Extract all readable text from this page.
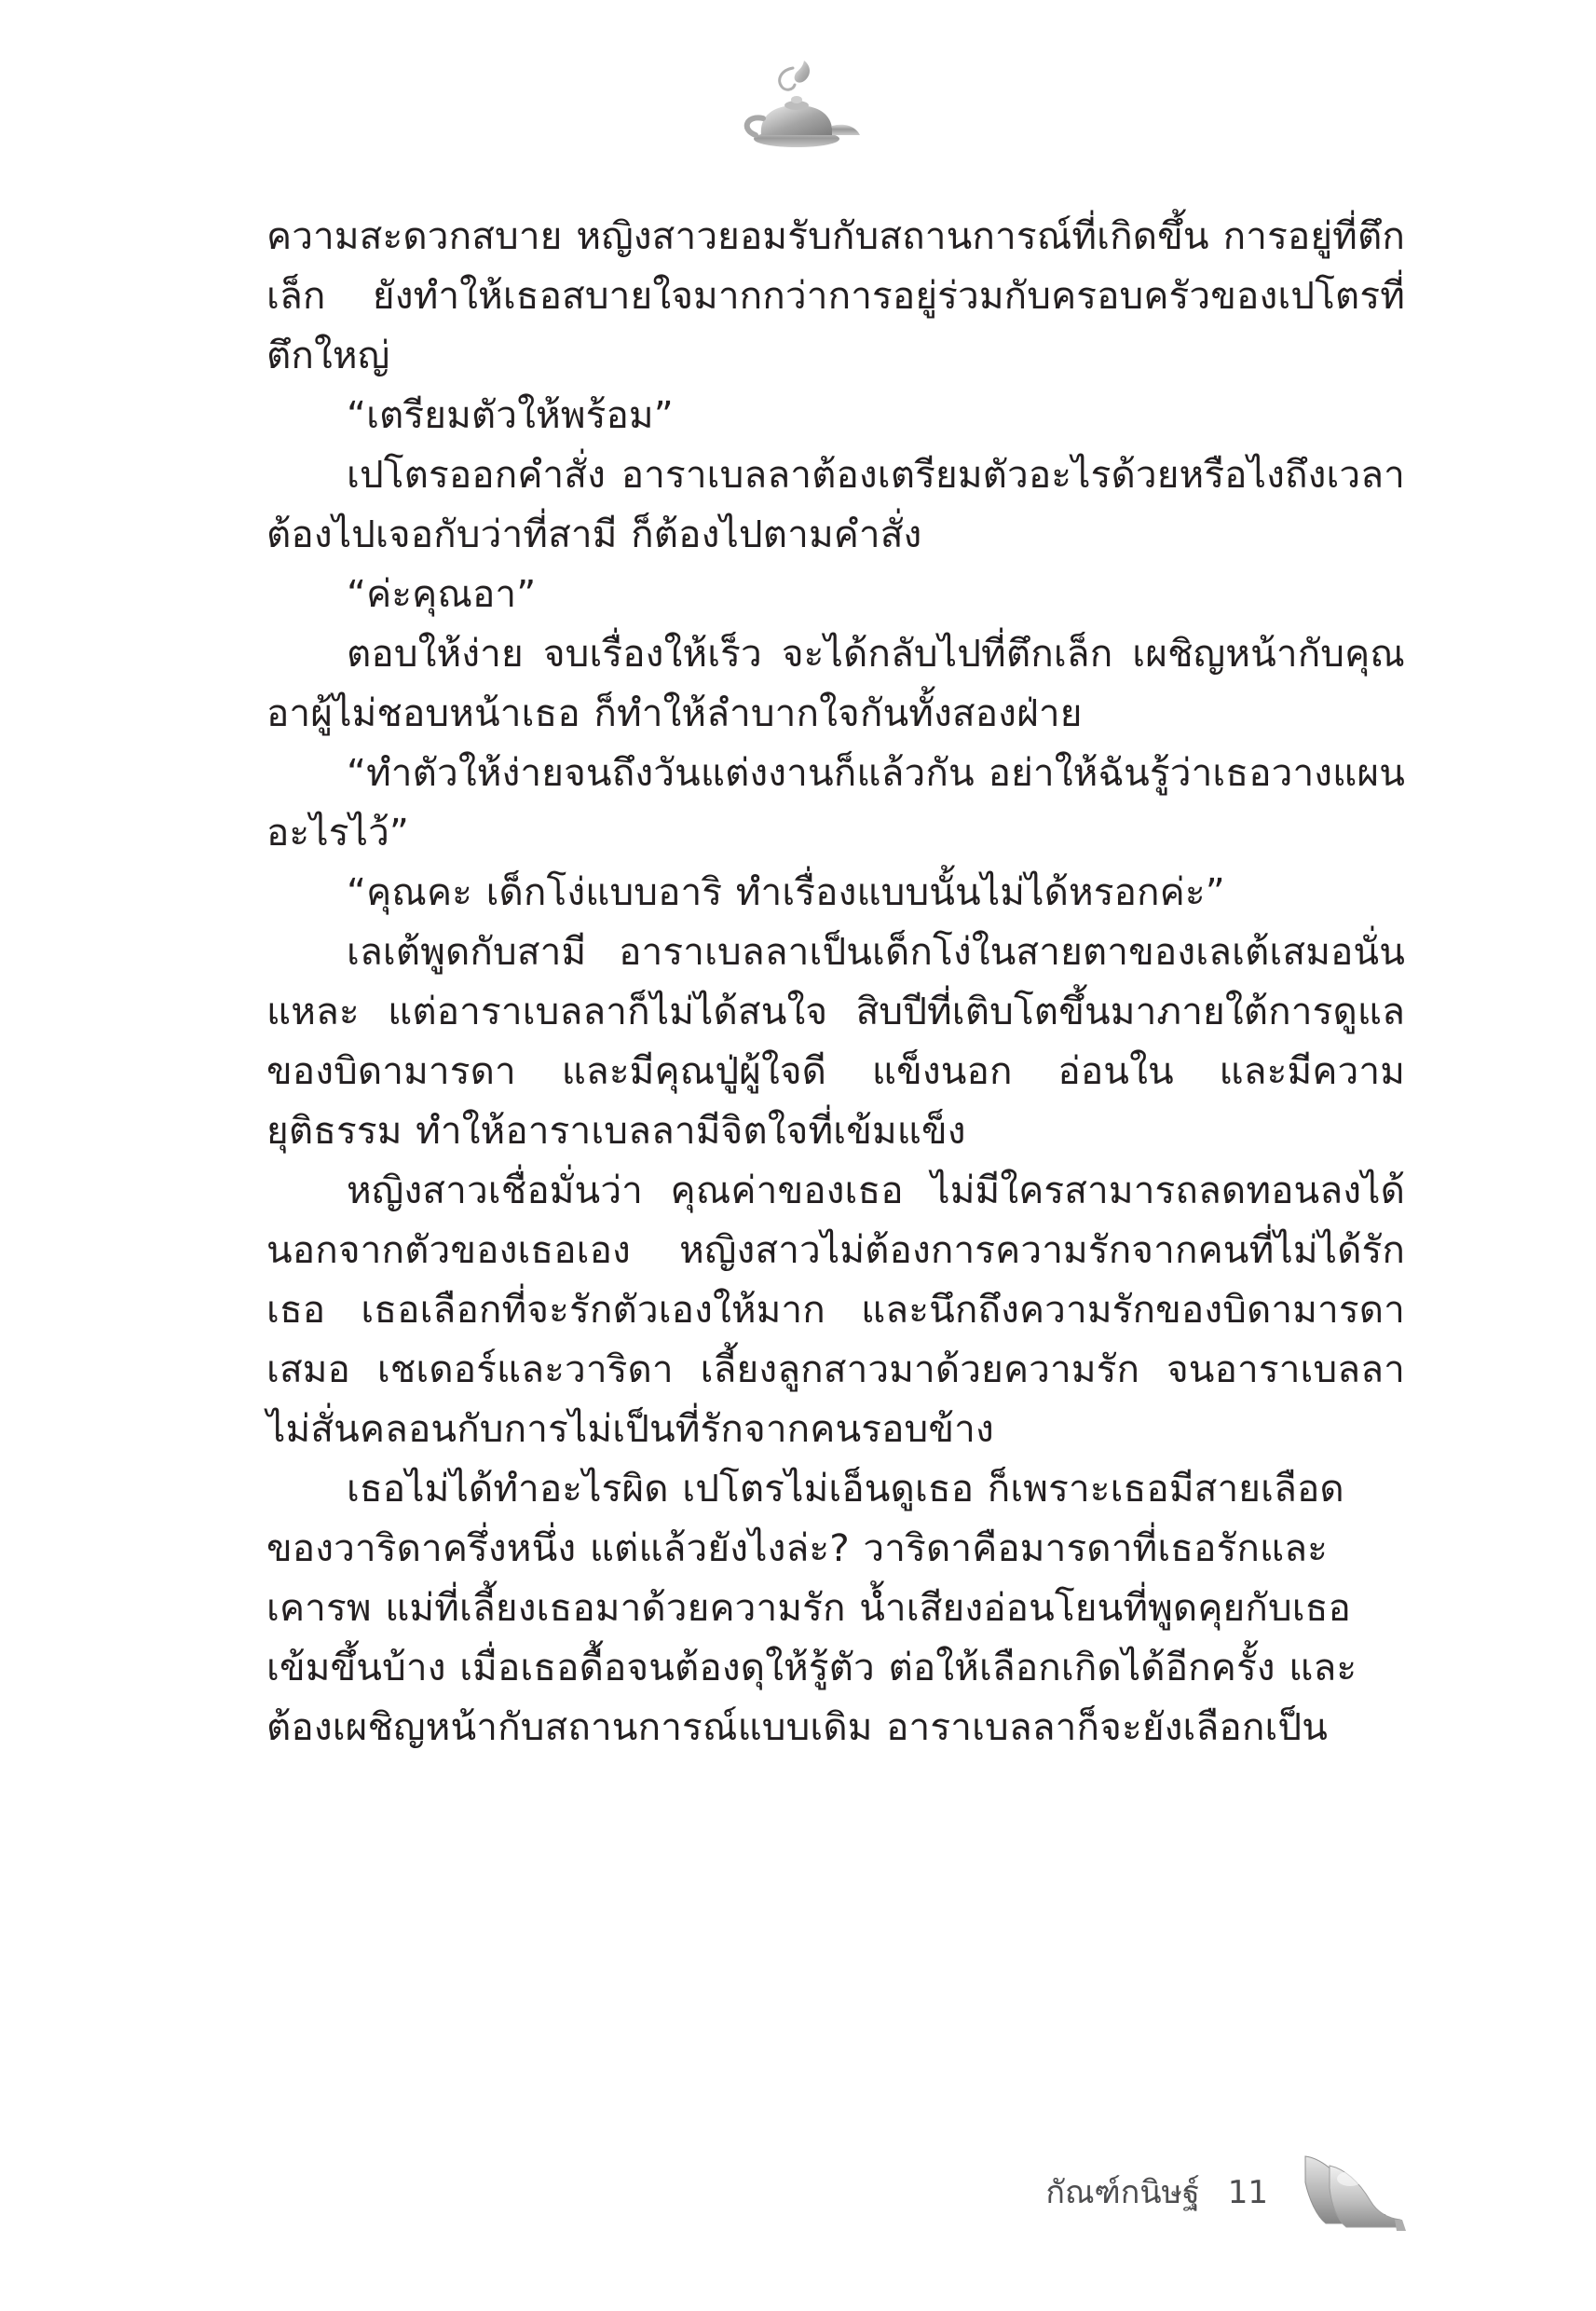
ความสะดวกสบาย หญิงสาวยอมรับกับสถานการณ์ที่เกิดขึ้น การอยู่ที่ตึกเล็ก ยังทำให้เธอสบายใจมากกว่าการอยู่ร่วมกับครอบครัวของเปโตรที่ตึกใหญ่

“เตรียมตัวให้พร้อม”

เปโตรออกคำสั่ง อาราเบลลาต้องเตรียมตัวอะไรด้วยหรือไงถึงเวลาต้องไปเจอกับว่าที่สามี ก็ต้องไปตามคำสั่ง

“ค่ะคุณอา”

ตอบให้ง่าย จบเรื่องให้เร็ว จะได้กลับไปที่ตึกเล็ก เผชิญหน้ากับคุณอาผู้ไม่ชอบหน้าเธอ ก็ทำให้ลำบากใจกันทั้งสองฝ่าย

“ทำตัวให้ง่ายจนถึงวันแต่งงานก็แล้วกัน อย่าให้ฉันรู้ว่าเธอวางแผนอะไรไว้”

“คุณคะ เด็กโง่แบบอาริ ทำเรื่องแบบนั้นไม่ได้หรอกค่ะ”

เลเต้พูดกับสามี อาราเบลลาเป็นเด็กโง่ในสายตาของเลเต้เสมอนั่นแหละ แต่อาราเบลลาก็ไม่ได้สนใจ สิบปีที่เติบโตขึ้นมาภายใต้การดูแลของบิดามารดา และมีคุณปู่ผู้ใจดี แข็งนอก อ่อนใน และมีความยุติธรรม ทำให้อาราเบลลามีจิตใจที่เข้มแข็ง

หญิงสาวเชื่อมั่นว่า คุณค่าของเธอ ไม่มีใครสามารถลดทอนลงได้นอกจากตัวของเธอเอง หญิงสาวไม่ต้องการความรักจากคนที่ไม่ได้รักเธอ เธอเลือกที่จะรักตัวเองให้มาก และนึกถึงความรักของบิดามารดาเสมอ เชเดอร์และวาริดา เลี้ยงลูกสาวมาด้วยความรัก จนอาราเบลลาไม่สั่นคลอนกับการไม่เป็นที่รักจากคนรอบข้าง

เธอไม่ได้ทำอะไรผิด เปโตรไม่เอ็นดูเธอ ก็เพราะเธอมีสายเลือดของวาริดาครึ่งหนึ่ง แต่แล้วยังไงล่ะ? วาริดาคือมารดาที่เธอรักและเคารพ แม่ที่เลี้ยงเธอมาด้วยความรัก น้ำเสียงอ่อนโยนที่พูดคุยกับเธอเข้มขึ้นบ้าง เมื่อเธอดื้อจนต้องดุให้รู้ตัว ต่อให้เลือกเกิดได้อีกครั้ง และต้องเผชิญหน้ากับสถานการณ์แบบเดิม อาราเบลลาก็จะยังเลือกเป็น

กัณฑ์กนิษฐ์ 11
